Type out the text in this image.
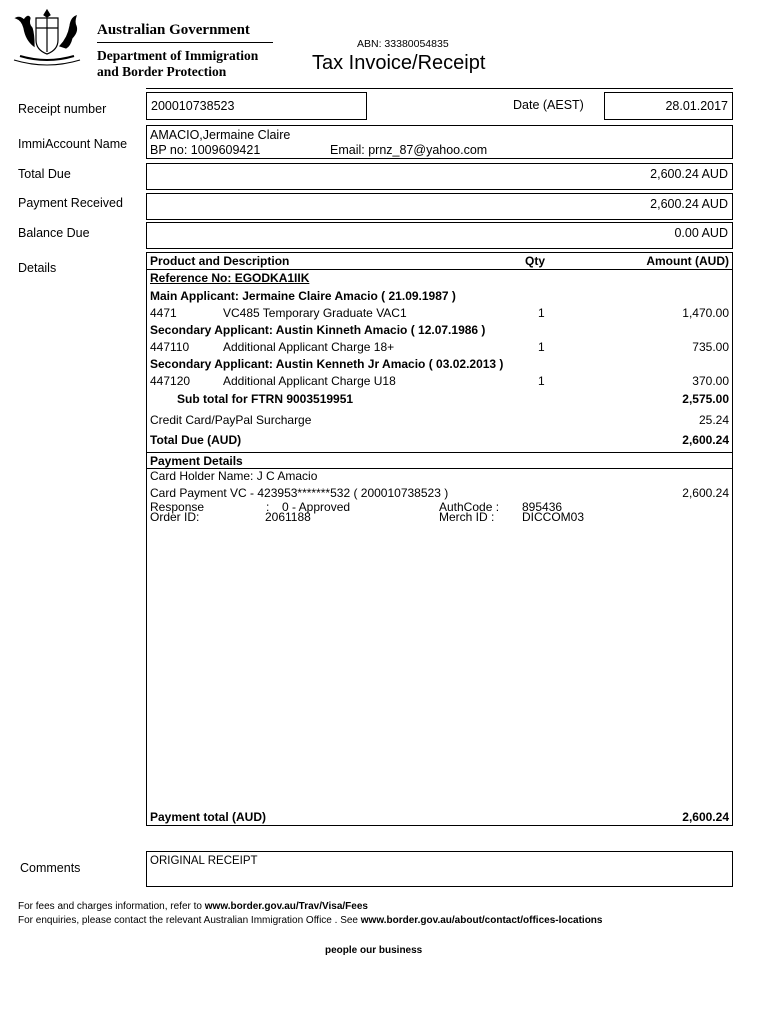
Australian Government
Department of Immigration
and Border Protection
ABN: 33380054835
Tax Invoice/Receipt
Receipt number	200010738523	Date (AEST)	28.01.2017
ImmiAccount Name
AMACIO,Jermaine Claire
BP no: 1009609421	Email: prnz_87@yahoo.com
Total Due	2,600.24 AUD
Payment Received	2,600.24 AUD
Balance Due	0.00 AUD
Details	Product and Description	Qty	Amount (AUD)
Reference No: EGODKA1IIK
Main Applicant: Jermaine Claire Amacio ( 21.09.1987 )
4471	VC485 Temporary Graduate VAC1	1	1,470.00
Secondary Applicant: Austin Kinneth Amacio ( 12.07.1986 )
447110	Additional Applicant Charge 18+	1	735.00
Secondary Applicant: Austin Kenneth Jr Amacio ( 03.02.2013 )
447120	Additional Applicant Charge U18	1	370.00
Sub total for FTRN 9003519951	2,575.00
Credit Card/PayPal Surcharge	25.24
Total Due (AUD)	2,600.24
Payment Details
Card Holder Name: J C Amacio
Card Payment VC - 423953*******532 ( 200010738523 )	2,600.24
Response	: 0 - Approved	AuthCode : 895436
Order ID:	2061188	Merch ID : DICCOM03
Payment total (AUD)	2,600.24
Comments	ORIGINAL RECEIPT
For fees and charges information, refer to www.border.gov.au/Trav/Visa/Fees
For enquiries, please contact the relevant Australian Immigration Office . See www.border.gov.au/about/contact/offices-locations
people our business
